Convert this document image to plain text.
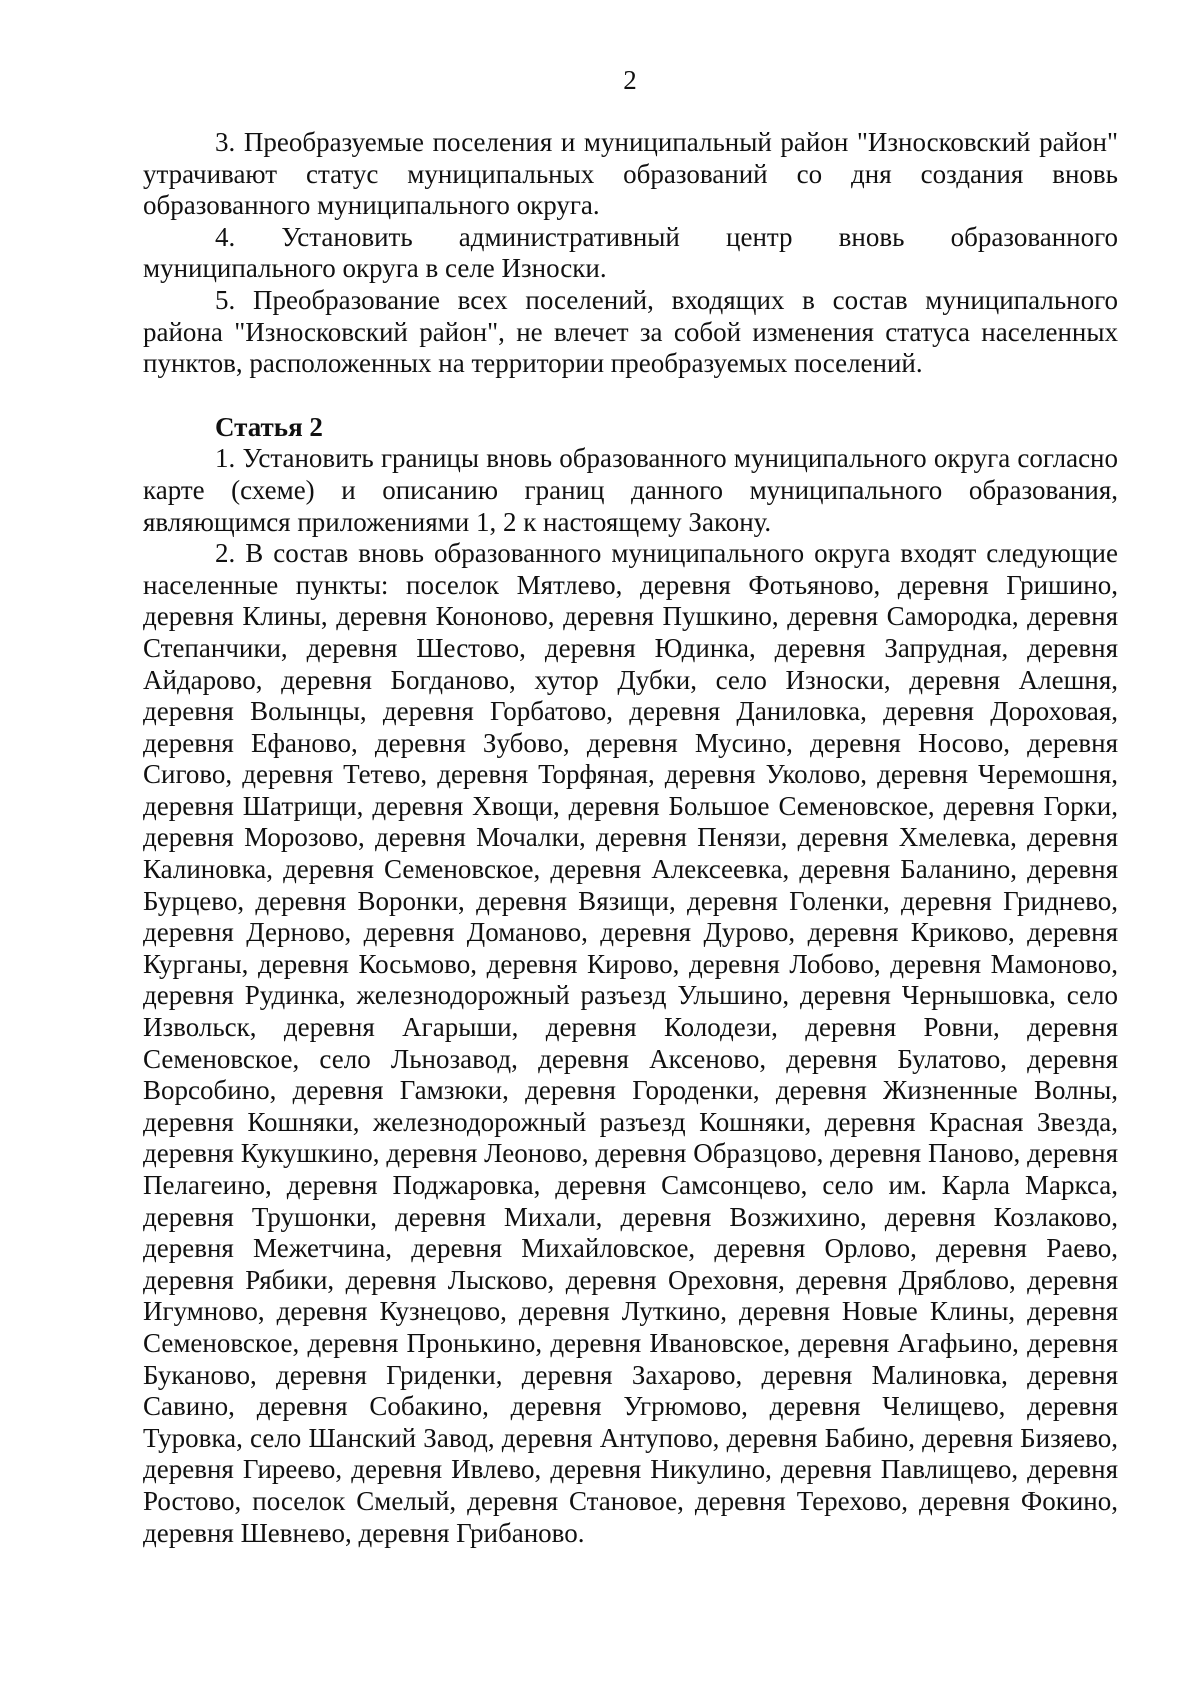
2

3. Преобразуемые поселения и муниципальный район "Износковский район" утрачивают статус муниципальных образований со дня создания вновь образованного муниципального округа.

4. Установить административный центр вновь образованного муниципального округа в селе Износки.

5. Преобразование всех поселений, входящих в состав муниципального района "Износковский район", не влечет за собой изменения статуса населенных пунктов, расположенных на территории преобразуемых поселений.

Статья 2

1. Установить границы вновь образованного муниципального округа согласно карте (схеме) и описанию границ данного муниципального образования, являющимся приложениями 1, 2 к настоящему Закону.

2. В состав вновь образованного муниципального округа входят следующие населенные пункты: поселок Мятлево, деревня Фотьяново, деревня Гришино, деревня Клины, деревня Кононово, деревня Пушкино, деревня Самородка, деревня Степанчики, деревня Шестово, деревня Юдинка, деревня Запрудная, деревня Айдарово, деревня Богданово, хутор Дубки, село Износки, деревня Алешня, деревня Волынцы, деревня Горбатово, деревня Даниловка, деревня Дороховая, деревня Ефаново, деревня Зубово, деревня Мусино, деревня Носово, деревня Сигово, деревня Тетево, деревня Торфяная, деревня Уколово, деревня Черемошня, деревня Шатрищи, деревня Хвощи, деревня Большое Семеновское, деревня Горки, деревня Морозово, деревня Мочалки, деревня Пенязи, деревня Хмелевка, деревня Калиновка, деревня Семеновское, деревня Алексеевка, деревня Баланино, деревня Бурцево, деревня Воронки, деревня Вязищи, деревня Голенки, деревня Гриднево, деревня Дерново, деревня Доманово, деревня Дурово, деревня Криково, деревня Курганы, деревня Косьмово, деревня Кирово, деревня Лобово, деревня Мамоново, деревня Рудинка, железнодорожный разъезд Ульшино, деревня Чернышовка, село Извольск, деревня Агарыши, деревня Колодези, деревня Ровни, деревня Семеновское, село Льнозавод, деревня Аксеново, деревня Булатово, деревня Ворсобино, деревня Гамзюки, деревня Городенки, деревня Жизненные Волны, деревня Кошняки, железнодорожный разъезд Кошняки, деревня Красная Звезда, деревня Кукушкино, деревня Леоново, деревня Образцово, деревня Паново, деревня Пелагеино, деревня Поджаровка, деревня Самсонцево, село им. Карла Маркса, деревня Трушонки, деревня Михали, деревня Возжихино, деревня Козлаково, деревня Межетчина, деревня Михайловское, деревня Орлово, деревня Раево, деревня Рябики, деревня Лысково, деревня Ореховня, деревня Дряблово, деревня Игумново, деревня Кузнецово, деревня Луткино, деревня Новые Клины, деревня Семеновское, деревня Пронькино, деревня Ивановское, деревня Агафьино, деревня Буканово, деревня Гриденки, деревня Захарово, деревня Малиновка, деревня Савино, деревня Собакино, деревня Угрюмово, деревня Челищево, деревня Туровка, село Шанский Завод, деревня Антупово, деревня Бабино, деревня Бизяево, деревня Гиреево, деревня Ивлево, деревня Никулино, деревня Павлищево, деревня Ростово, поселок Смелый, деревня Становое, деревня Терехово, деревня Фокино, деревня Шевнево, деревня Грибаново.
